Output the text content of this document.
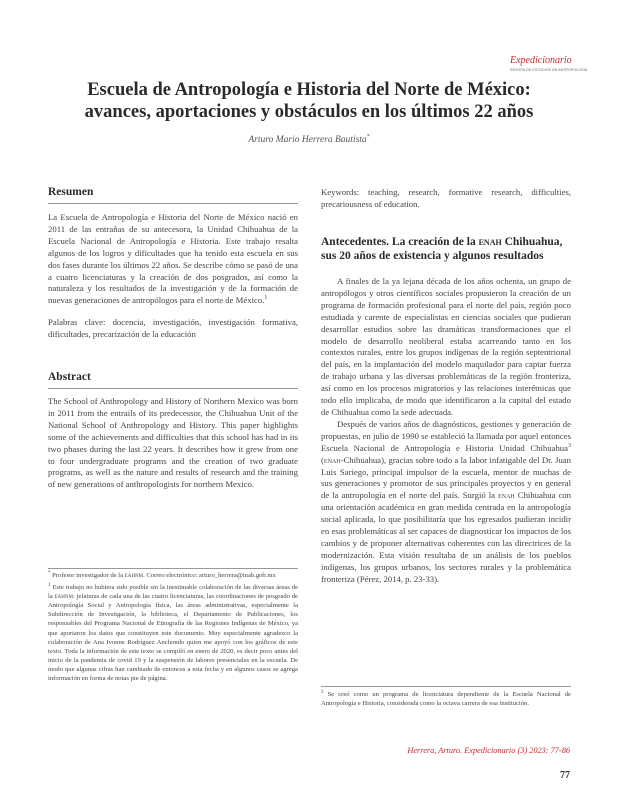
Expedicionario
REVISTA DE ESTUDIOS EN ANTROPOLOGÍA
Escuela de Antropología e Historia del Norte de México:
avances, aportaciones y obstáculos en los últimos 22 años
Arturo Mario Herrera Bautista*
Resumen

La Escuela de Antropología e Historia del Norte de México nació en 2011 de las entrañas de su antecesora, la Unidad Chihuahua de la Escuela Nacional de Antropología e Historia. Este trabajo resalta algunos de los logros y dificultades que ha tenido esta escuela en sus dos fases durante los últimos 22 años. Se describe cómo se pasó de una a cuatro licenciaturas y la creación de dos posgrados, así como la naturaleza y los resultados de la investigación y de la formación de nuevas generaciones de antropólogos para el norte de México.$^1$

Palabras clave: docencia, investigación, investigación formativa, dificultades, precarización de la educación

Abstract

The School of Anthropology and History of Northern Mexico was born in 2011 from the entrails of its predecessor, the Chihuahua Unit of the National School of Anthropology and History. This paper highlights some of the achievements and difficulties that this school has had in its two phases during the last 22 years. It describes how it grew from one to four undergraduate programs and the creation of two graduate programs, as well as the nature and results of research and the training of new generations of anthropologists for northern Mexico.

* Profesor investigador de la eahnm. Correo electrónico: arturo_herrera@inah.gob.mx

$^1$ Este trabajo no hubiera sido posible sin la inestimable colaboración de las diversas áreas de la eahnm: jefaturas de cada una de las cuatro licenciaturas, las coordinaciones de posgrado de Antropología Social y Antropología física, las áreas administrativas, especialmente la Subdirección de Investigación, la biblioteca, el Departamento de Publicaciones, los responsables del Programa Nacional de Etnografía de las Regiones Indígenas de México, ya que aportaron los datos que constituyen este documento. Muy especialmente agradezco la colaboración de Ana Ivonne Rodríguez Anchondo quien me apoyó con los gráficos de este texto. Toda la información de este texto se compiló en enero de 2020, es decir poco antes del inicio de la pandemia de covid 19 y la suspensión de labores presenciales en la escuela. De modo que algunas cifras han cambiado de entonces a esta fecha y en algunos casos se agrega información en forma de notas pie de página.

Keywords: teaching, research, formative research, difficulties, precariousness of education.

Antecedentes. La creación de la enah Chihuahua, sus 20 años de existencia y algunos resultados

A finales de la ya lejana década de los años ochenta, un grupo de antropólogos y otros científicos sociales propusieron la creación de un programa de formación profesional para el norte del país, región poco estudiada y carente de especialistas en ciencias sociales que pudieran desarrollar estudios sobre las dramáticas transformaciones que el modelo de desarrollo neoliberal estaba acarreando tanto en los contextos rurales, entre los grupos indígenas de la región septentrional del país, en la implantación del modelo maquilador para captar fuerza de trabajo urbana y las diversas problemáticas de la región fronteriza, así como en los procesos migratorios y las relaciones interétnicas que todo ello implicaba, de modo que identificaron a la capital del estado de Chihuahua como la sede adecuada.

Después de varios años de diagnósticos, gestiones y generación de propuestas, en julio de 1990 se estableció la llamada por aquel entonces Escuela Nacional de Antropología e Historia Unidad Chihuahua$^3$ (enah-Chihuahua), gracias sobre todo a la labor infatigable del Dr. Juan Luis Sariego, principal impulsor de la escuela, mentor de muchas de sus generaciones y promotor de sus principales proyectos y en general de la antropología en el norte del país. Surgió la enah Chihuahua con una orientación académica en gran medida centrada en la antropología social aplicada, lo que posibilitaría que los egresados pudieran incidir en esas problemáticas al ser capaces de diagnosticar los impactos de los cambios y de proponer alternativas coherentes con las directrices de la modernización. Esta visión resultaba de un análisis de los pueblos indígenas, los grupos urbanos, los sectores rurales y la problemática fronteriza (Pérez, 2014, p. 23-33).

$^3$ Se creó como un programa de licenciatura dependiente de la Escuela Nacional de Antropología e Historia, considerada como la octava carrera de esa institución.

Herrera, Arturo. Expedicionario (3) 2023: 77-86
77
